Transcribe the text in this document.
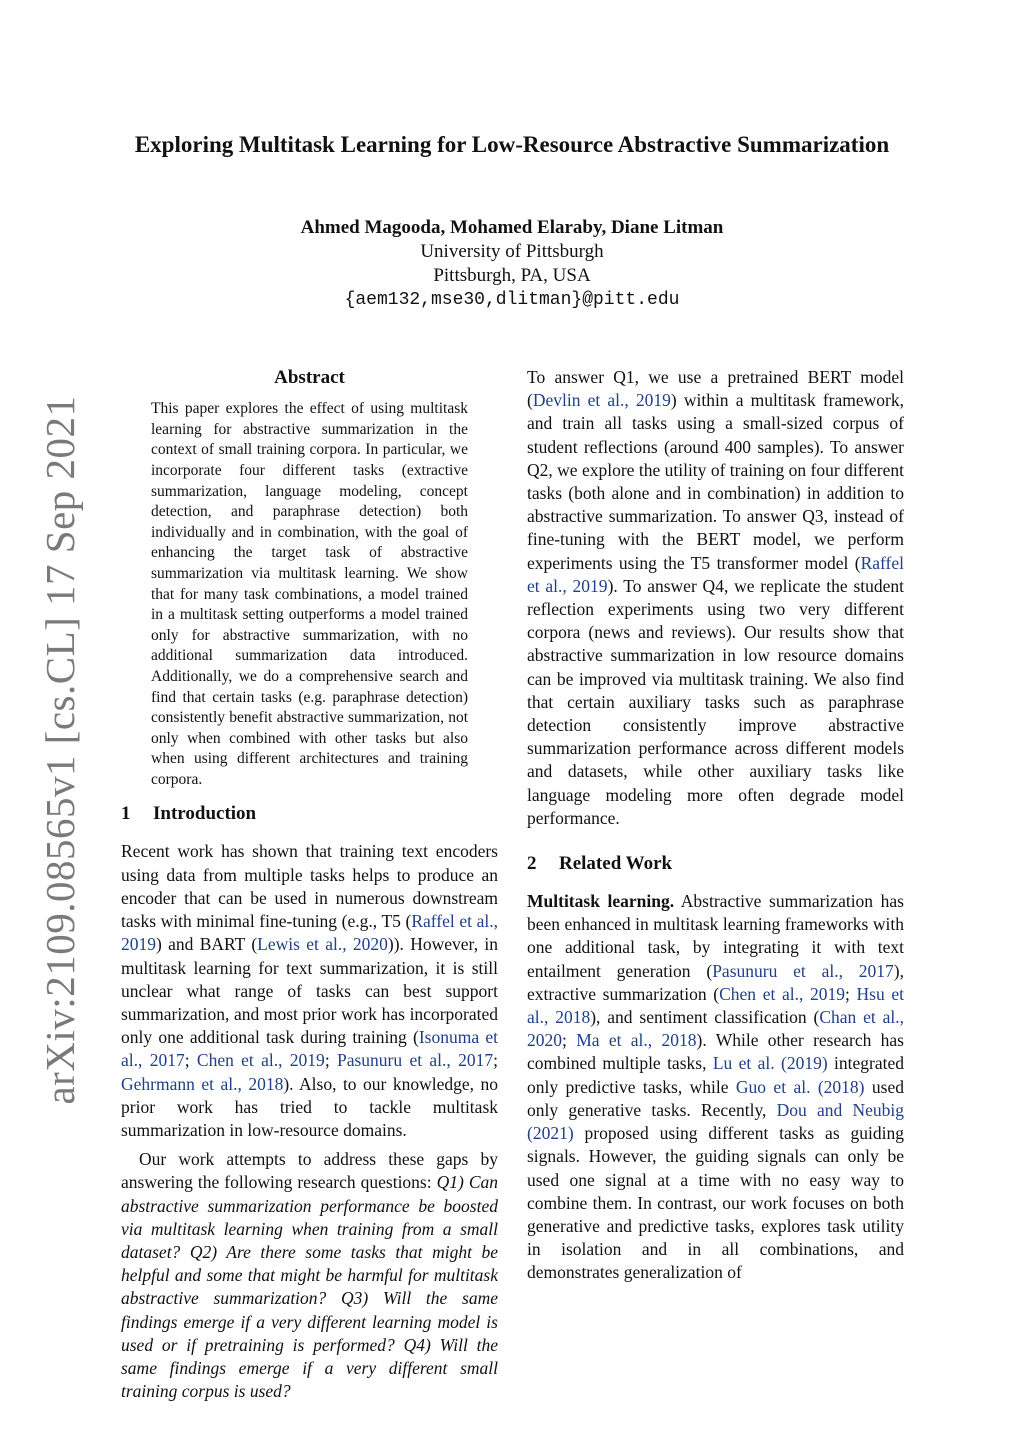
arXiv:2109.08565v1 [cs.CL] 17 Sep 2021
Exploring Multitask Learning for Low-Resource Abstractive Summarization
Ahmed Magooda, Mohamed Elaraby, Diane Litman
University of Pittsburgh
Pittsburgh, PA, USA
{aem132,mse30,dlitman}@pitt.edu
Abstract

This paper explores the effect of using multitask learning for abstractive summarization in the context of small training corpora. In particular, we incorporate four different tasks (extractive summarization, language modeling, concept detection, and paraphrase detection) both individually and in combination, with the goal of enhancing the target task of abstractive summarization via multitask learning. We show that for many task combinations, a model trained in a multitask setting outperforms a model trained only for abstractive summarization, with no additional summarization data introduced. Additionally, we do a comprehensive search and find that certain tasks (e.g. paraphrase detection) consistently benefit abstractive summarization, not only when combined with other tasks but also when using different architectures and training corpora.

1 Introduction

Recent work has shown that training text encoders using data from multiple tasks helps to produce an encoder that can be used in numerous downstream tasks with minimal fine-tuning (e.g., T5 (Raffel et al., 2019) and BART (Lewis et al., 2020)). However, in multitask learning for text summarization, it is still unclear what range of tasks can best support summarization, and most prior work has incorporated only one additional task during training (Isonuma et al., 2017; Chen et al., 2019; Pasunuru et al., 2017; Gehrmann et al., 2018). Also, to our knowledge, no prior work has tried to tackle multitask summarization in low-resource domains.

Our work attempts to address these gaps by answering the following research questions: Q1) Can abstractive summarization performance be boosted via multitask learning when training from a small dataset? Q2) Are there some tasks that might be helpful and some that might be harmful for multitask abstractive summarization? Q3) Will the same findings emerge if a very different learning model is used or if pretraining is performed? Q4) Will the same findings emerge if a very different small training corpus is used?

To answer Q1, we use a pretrained BERT model (Devlin et al., 2019) within a multitask framework, and train all tasks using a small-sized corpus of student reflections (around 400 samples). To answer Q2, we explore the utility of training on four different tasks (both alone and in combination) in addition to abstractive summarization. To answer Q3, instead of fine-tuning with the BERT model, we perform experiments using the T5 transformer model (Raffel et al., 2019). To answer Q4, we replicate the student reflection experiments using two very different corpora (news and reviews). Our results show that abstractive summarization in low resource domains can be improved via multitask training. We also find that certain auxiliary tasks such as paraphrase detection consistently improve abstractive summarization performance across different models and datasets, while other auxiliary tasks like language modeling more often degrade model performance.

2 Related Work

Multitask learning. Abstractive summarization has been enhanced in multitask learning frameworks with one additional task, by integrating it with text entailment generation (Pasunuru et al., 2017), extractive summarization (Chen et al., 2019; Hsu et al., 2018), and sentiment classification (Chan et al., 2020; Ma et al., 2018). While other research has combined multiple tasks, Lu et al. (2019) integrated only predictive tasks, while Guo et al. (2018) used only generative tasks. Recently, Dou and Neubig (2021) proposed using different tasks as guiding signals. However, the guiding signals can only be used one signal at a time with no easy way to combine them. In contrast, our work focuses on both generative and predictive tasks, explores task utility in isolation and in all combinations, and demonstrates generalization of
